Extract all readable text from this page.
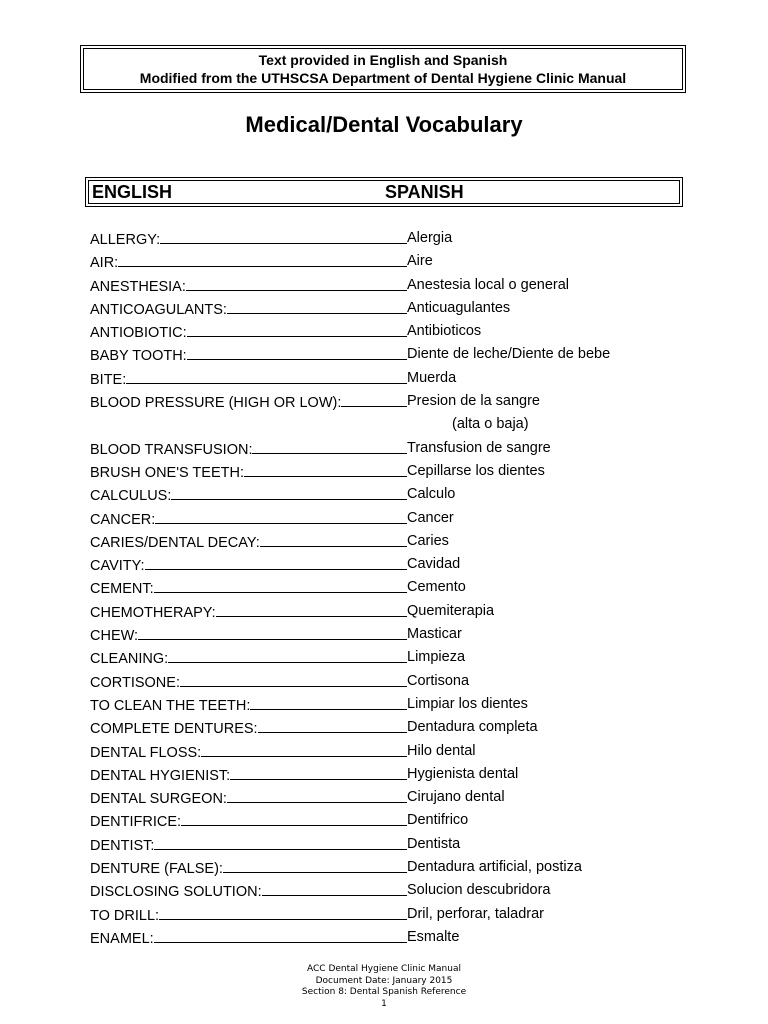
Text provided in English and Spanish
Modified from the UTHSCSA Department of Dental Hygiene Clinic Manual
Medical/Dental Vocabulary
ENGLISH	SPANISH
ALLERGY:	Alergia
AIR:	Aire
ANESTHESIA:	Anestesia local o general
ANTICOAGULANTS:	Anticuagulantes
ANTIOBIOTIC:	Antibioticos
BABY TOOTH:	Diente de leche/Diente de bebe
BITE:	Muerda
BLOOD PRESSURE (HIGH OR LOW):	Presion de la sangre
(alta o baja)
BLOOD TRANSFUSION:	Transfusion de sangre
BRUSH ONE'S TEETH:	Cepillarse los dientes
CALCULUS:	Calculo
CANCER:	Cancer
CARIES/DENTAL DECAY:	Caries
CAVITY:	Cavidad
CEMENT:	Cemento
CHEMOTHERAPY:	Quemiterapia
CHEW:	Masticar
CLEANING:	Limpieza
CORTISONE:	Cortisona
TO CLEAN THE TEETH:	Limpiar los dientes
COMPLETE DENTURES:	Dentadura completa
DENTAL FLOSS:	Hilo dental
DENTAL HYGIENIST:	Hygienista dental
DENTAL SURGEON:	Cirujano dental
DENTIFRICE:	Dentifrico
DENTIST:	Dentista
DENTURE (FALSE):	Dentadura artificial, postiza
DISCLOSING SOLUTION:	Solucion descubridora
TO DRILL:	Dril, perforar, taladrar
ENAMEL:	Esmalte
ACC Dental Hygiene Clinic Manual
Document Date: January 2015
Section 8: Dental Spanish Reference
1
